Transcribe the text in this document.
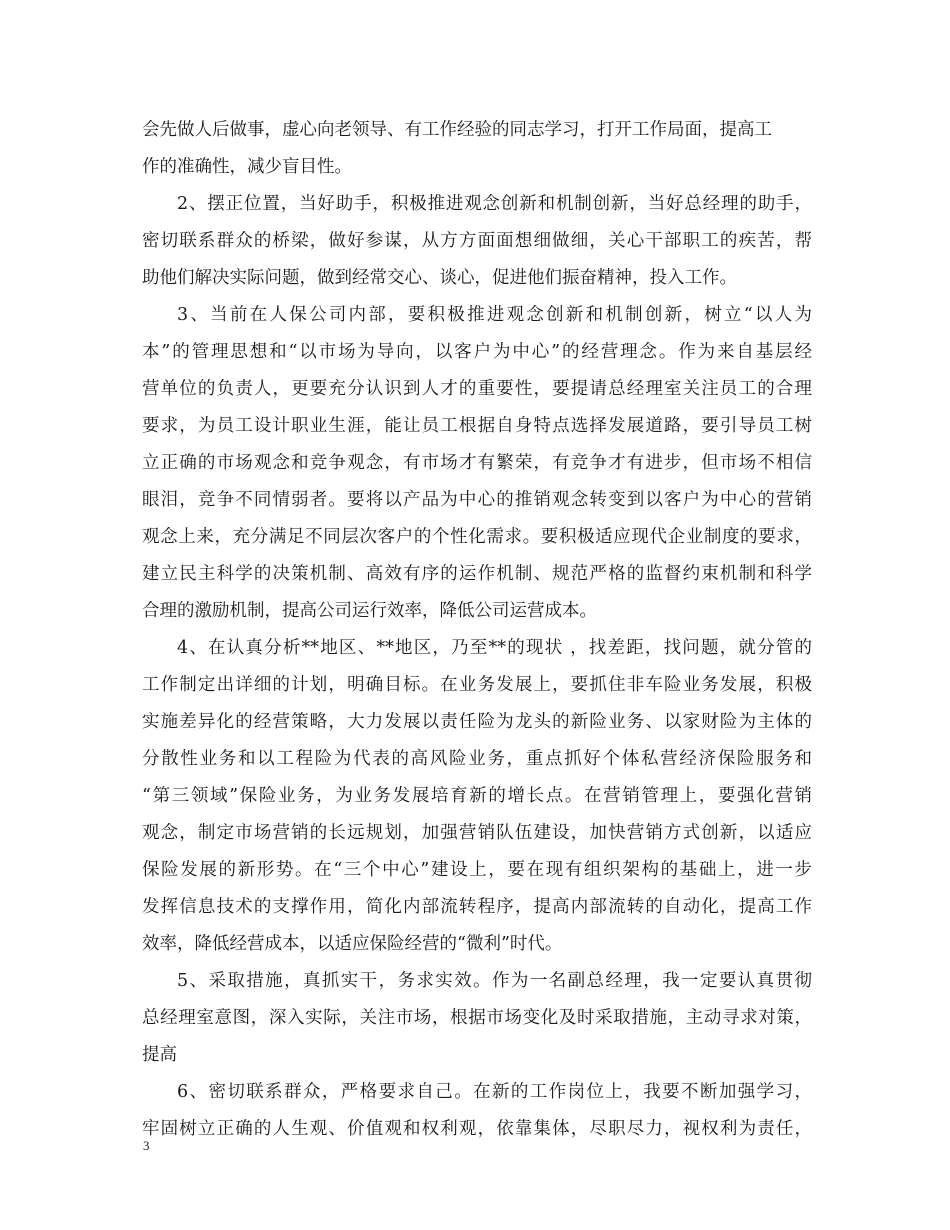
会先做人后做事，虚心向老领导、有工作经验的同志学习，打开工作局面，提高工
作的准确性，减少盲目性。
2、摆正位置，当好助手，积极推进观念创新和机制创新，当好总经理的助手，
密切联系群众的桥梁，做好参谋，从方方面面想细做细，关心干部职工的疾苦，帮
助他们解决实际问题，做到经常交心、谈心，促进他们振奋精神，投入工作。
3、当前在人保公司内部，要积极推进观念创新和机制创新，树立“以人为
本”的管理思想和“以市场为导向，以客户为中心”的经营理念。作为来自基层经
营单位的负责人，更要充分认识到人才的重要性，要提请总经理室关注员工的合理
要求，为员工设计职业生涯，能让员工根据自身特点选择发展道路，要引导员工树
立正确的市场观念和竞争观念，有市场才有繁荣，有竞争才有进步，但市场不相信
眼泪，竞争不同情弱者。要将以产品为中心的推销观念转变到以客户为中心的营销
观念上来，充分满足不同层次客户的个性化需求。要积极适应现代企业制度的要求，
建立民主科学的决策机制、高效有序的运作机制、规范严格的监督约束机制和科学
合理的激励机制，提高公司运行效率，降低公司运营成本。
4、在认真分析**地区、**地区，乃至**的现状 ，找差距，找问题，就分管的
工作制定出详细的计划，明确目标。在业务发展上，要抓住非车险业务发展，积极
实施差异化的经营策略，大力发展以责任险为龙头的新险业务、以家财险为主体的
分散性业务和以工程险为代表的高风险业务，重点抓好个体私营经济保险服务和
“第三领域”保险业务，为业务发展培育新的增长点。在营销管理上，要强化营销
观念，制定市场营销的长远规划，加强营销队伍建设，加快营销方式创新，以适应
保险发展的新形势。在“三个中心”建设上，要在现有组织架构的基础上，进一步
发挥信息技术的支撑作用，简化内部流转程序，提高内部流转的自动化，提高工作
效率，降低经营成本，以适应保险经营的“微利”时代。
5、采取措施，真抓实干，务求实效。作为一名副总经理，我一定要认真贯彻
总经理室意图，深入实际，关注市场，根据市场变化及时采取措施，主动寻求对策，
提高
6、密切联系群众，严格要求自己。在新的工作岗位上，我要不断加强学习，
牢固树立正确的人生观、价值观和权利观，依靠集体，尽职尽力，视权利为责任，
3
